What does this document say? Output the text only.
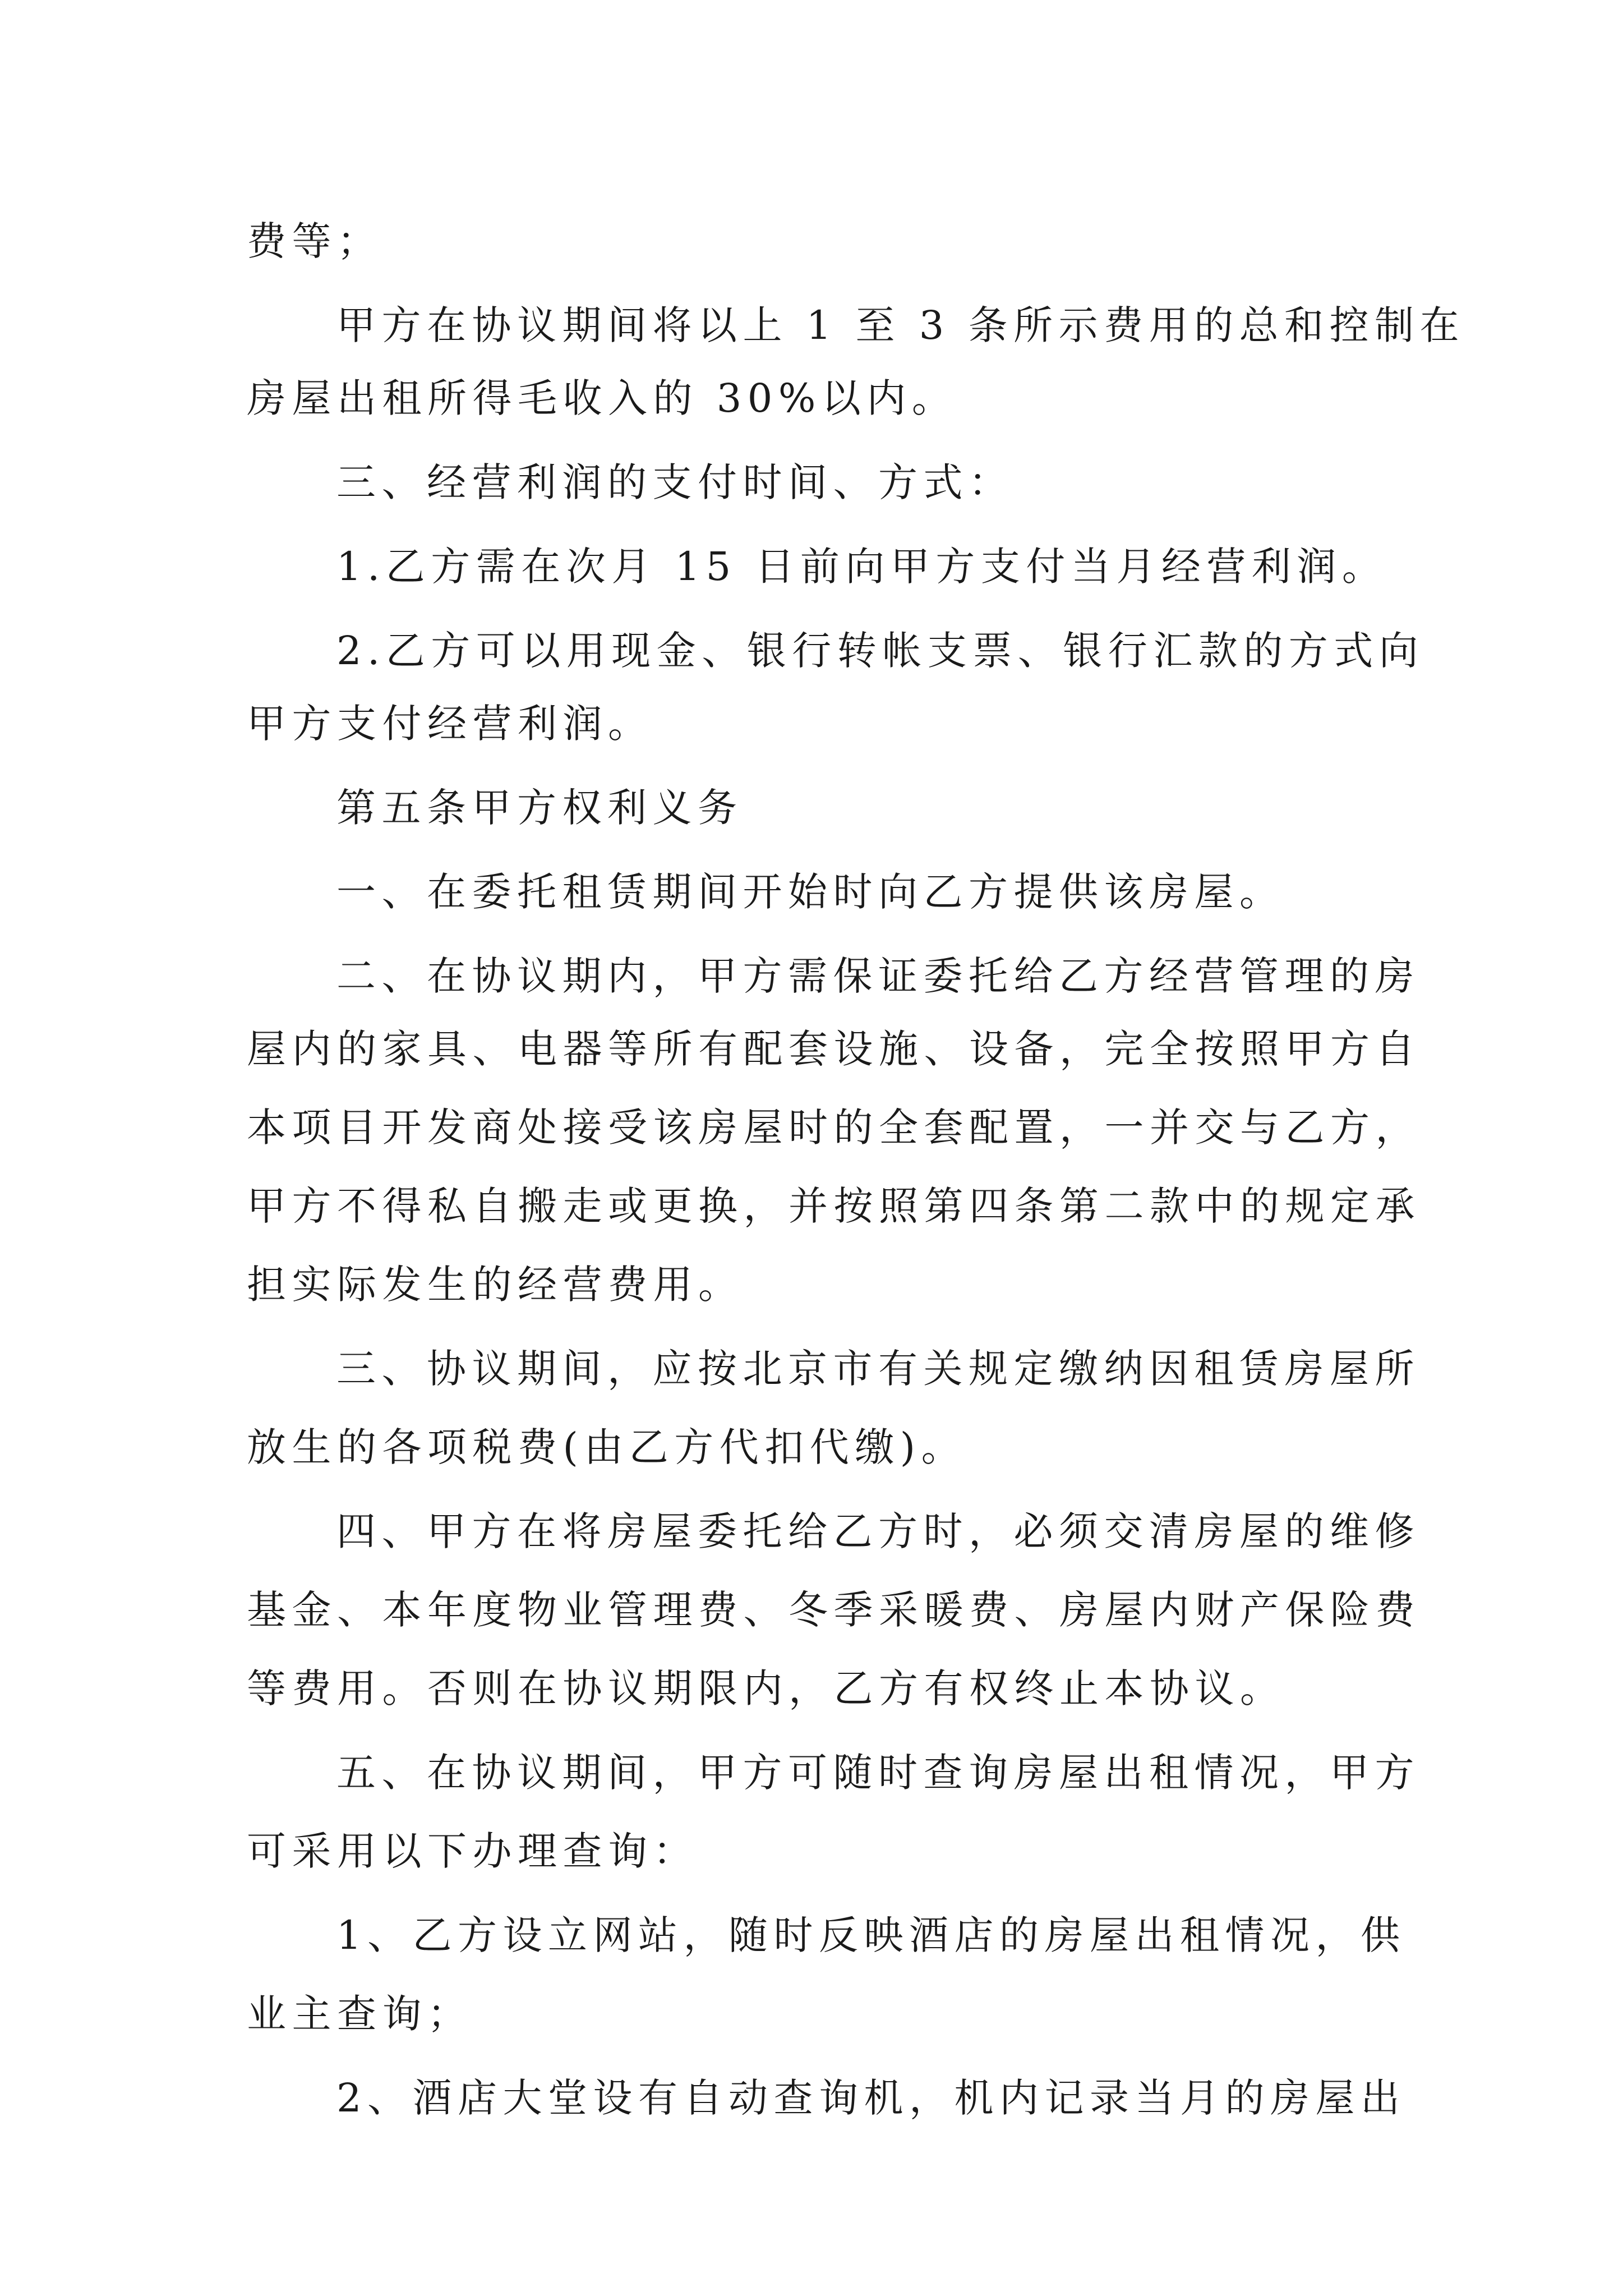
费等；
甲方在协议期间将以上 1 至 3 条所示费用的总和控制在
房屋出租所得毛收入的 30%以内。
三、经营利润的支付时间、方式：
1.乙方需在次月 15 日前向甲方支付当月经营利润。
2.乙方可以用现金、银行转帐支票、银行汇款的方式向
甲方支付经营利润。
第五条甲方权利义务
一、在委托租赁期间开始时向乙方提供该房屋。
二、在协议期内，甲方需保证委托给乙方经营管理的房
屋内的家具、电器等所有配套设施、设备，完全按照甲方自
本项目开发商处接受该房屋时的全套配置，一并交与乙方，
甲方不得私自搬走或更换，并按照第四条第二款中的规定承
担实际发生的经营费用。
三、协议期间，应按北京市有关规定缴纳因租赁房屋所
放生的各项税费(由乙方代扣代缴)。
四、甲方在将房屋委托给乙方时，必须交清房屋的维修
基金、本年度物业管理费、冬季采暖费、房屋内财产保险费
等费用。否则在协议期限内，乙方有权终止本协议。
五、在协议期间，甲方可随时查询房屋出租情况，甲方
可采用以下办理查询：
1、乙方设立网站，随时反映酒店的房屋出租情况，供
业主查询；
2、酒店大堂设有自动查询机，机内记录当月的房屋出
